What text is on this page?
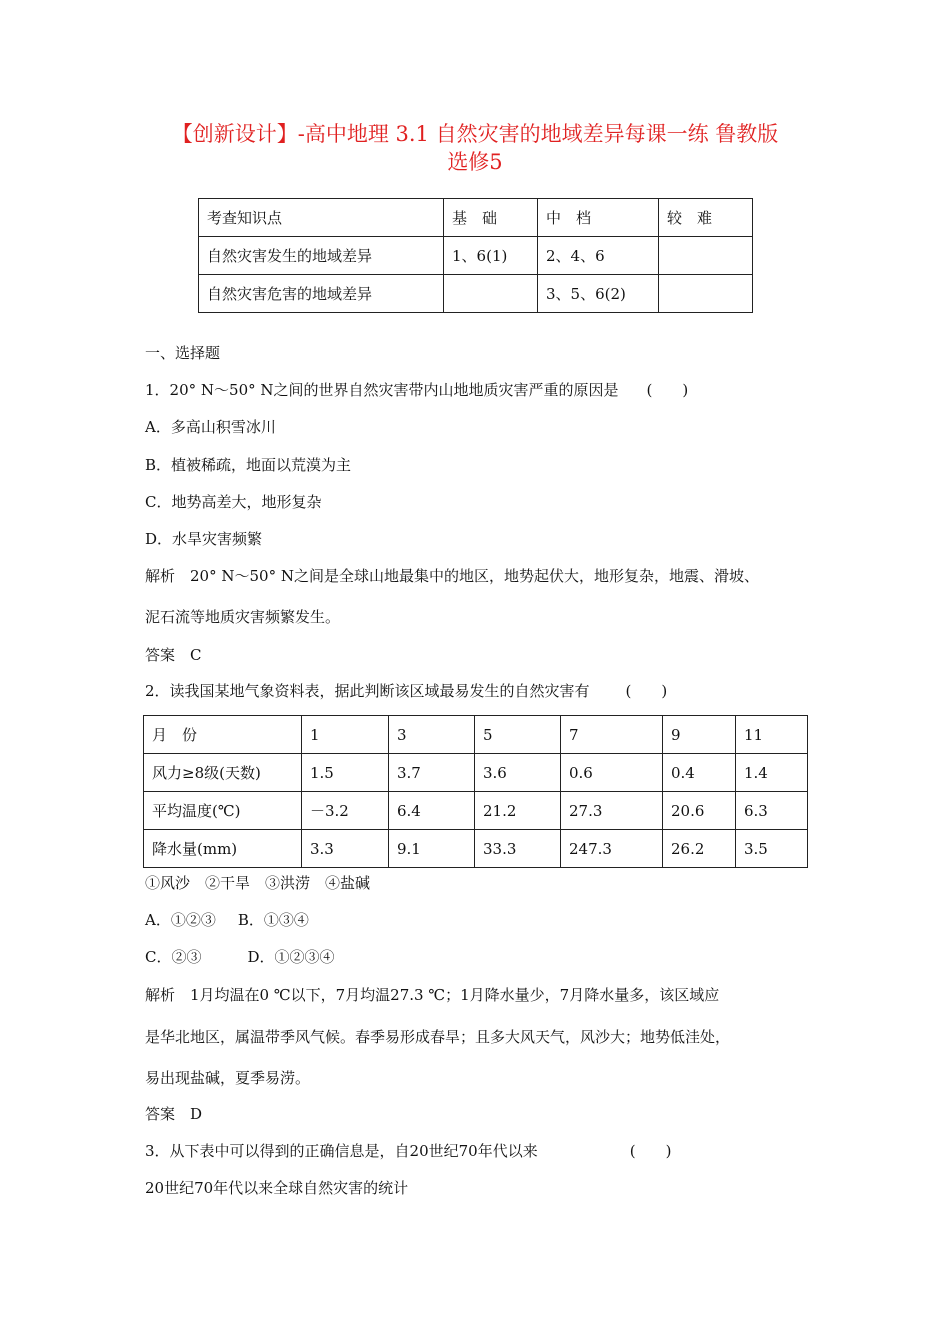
【创新设计】-高中地理 3.1 自然灾害的地域差异每课一练 鲁教版
选修5
考查知识点	基　础	中　档	较　难
自然灾害发生的地域差异	1、6(1)	2、4、6	
自然灾害危害的地域差异		3、5、6(2)	
一、选择题
1．20° N～50° N之间的世界自然灾害带内山地地质灾害严重的原因是 (　　)
A．多高山积雪冰川
B．植被稀疏，地面以荒漠为主
C．地势高差大，地形复杂
D．水旱灾害频繁
解析　20° N～50° N之间是全球山地最集中的地区，地势起伏大，地形复杂，地震、滑坡、
泥石流等地质灾害频繁发生。
答案　C
2．读我国某地气象资料表，据此判断该区域最易发生的自然灾害有 (　　)
月　份	1	3	5	7	9	11
风力≥8级(天数)	1.5	3.7	3.6	0.6	0.4	1.4
平均温度(℃)	－3.2	6.4	21.2	27.3	20.6	6.3
降水量(mm)	3.3	9.1	33.3	247.3	26.2	3.5
①风沙　②干旱　③洪涝　④盐碱
A．①②③ B．①③④
C．②③	D．①②③④
解析　1月均温在0 ℃以下，7月均温27.3 ℃；1月降水量少，7月降水量多，该区域应
是华北地区，属温带季风气候。春季易形成春旱；且多大风天气，风沙大；地势低洼处，
易出现盐碱，夏季易涝。
答案　D
3．从下表中可以得到的正确信息是，自20世纪70年代以来	(　　)
20世纪70年代以来全球自然灾害的统计
